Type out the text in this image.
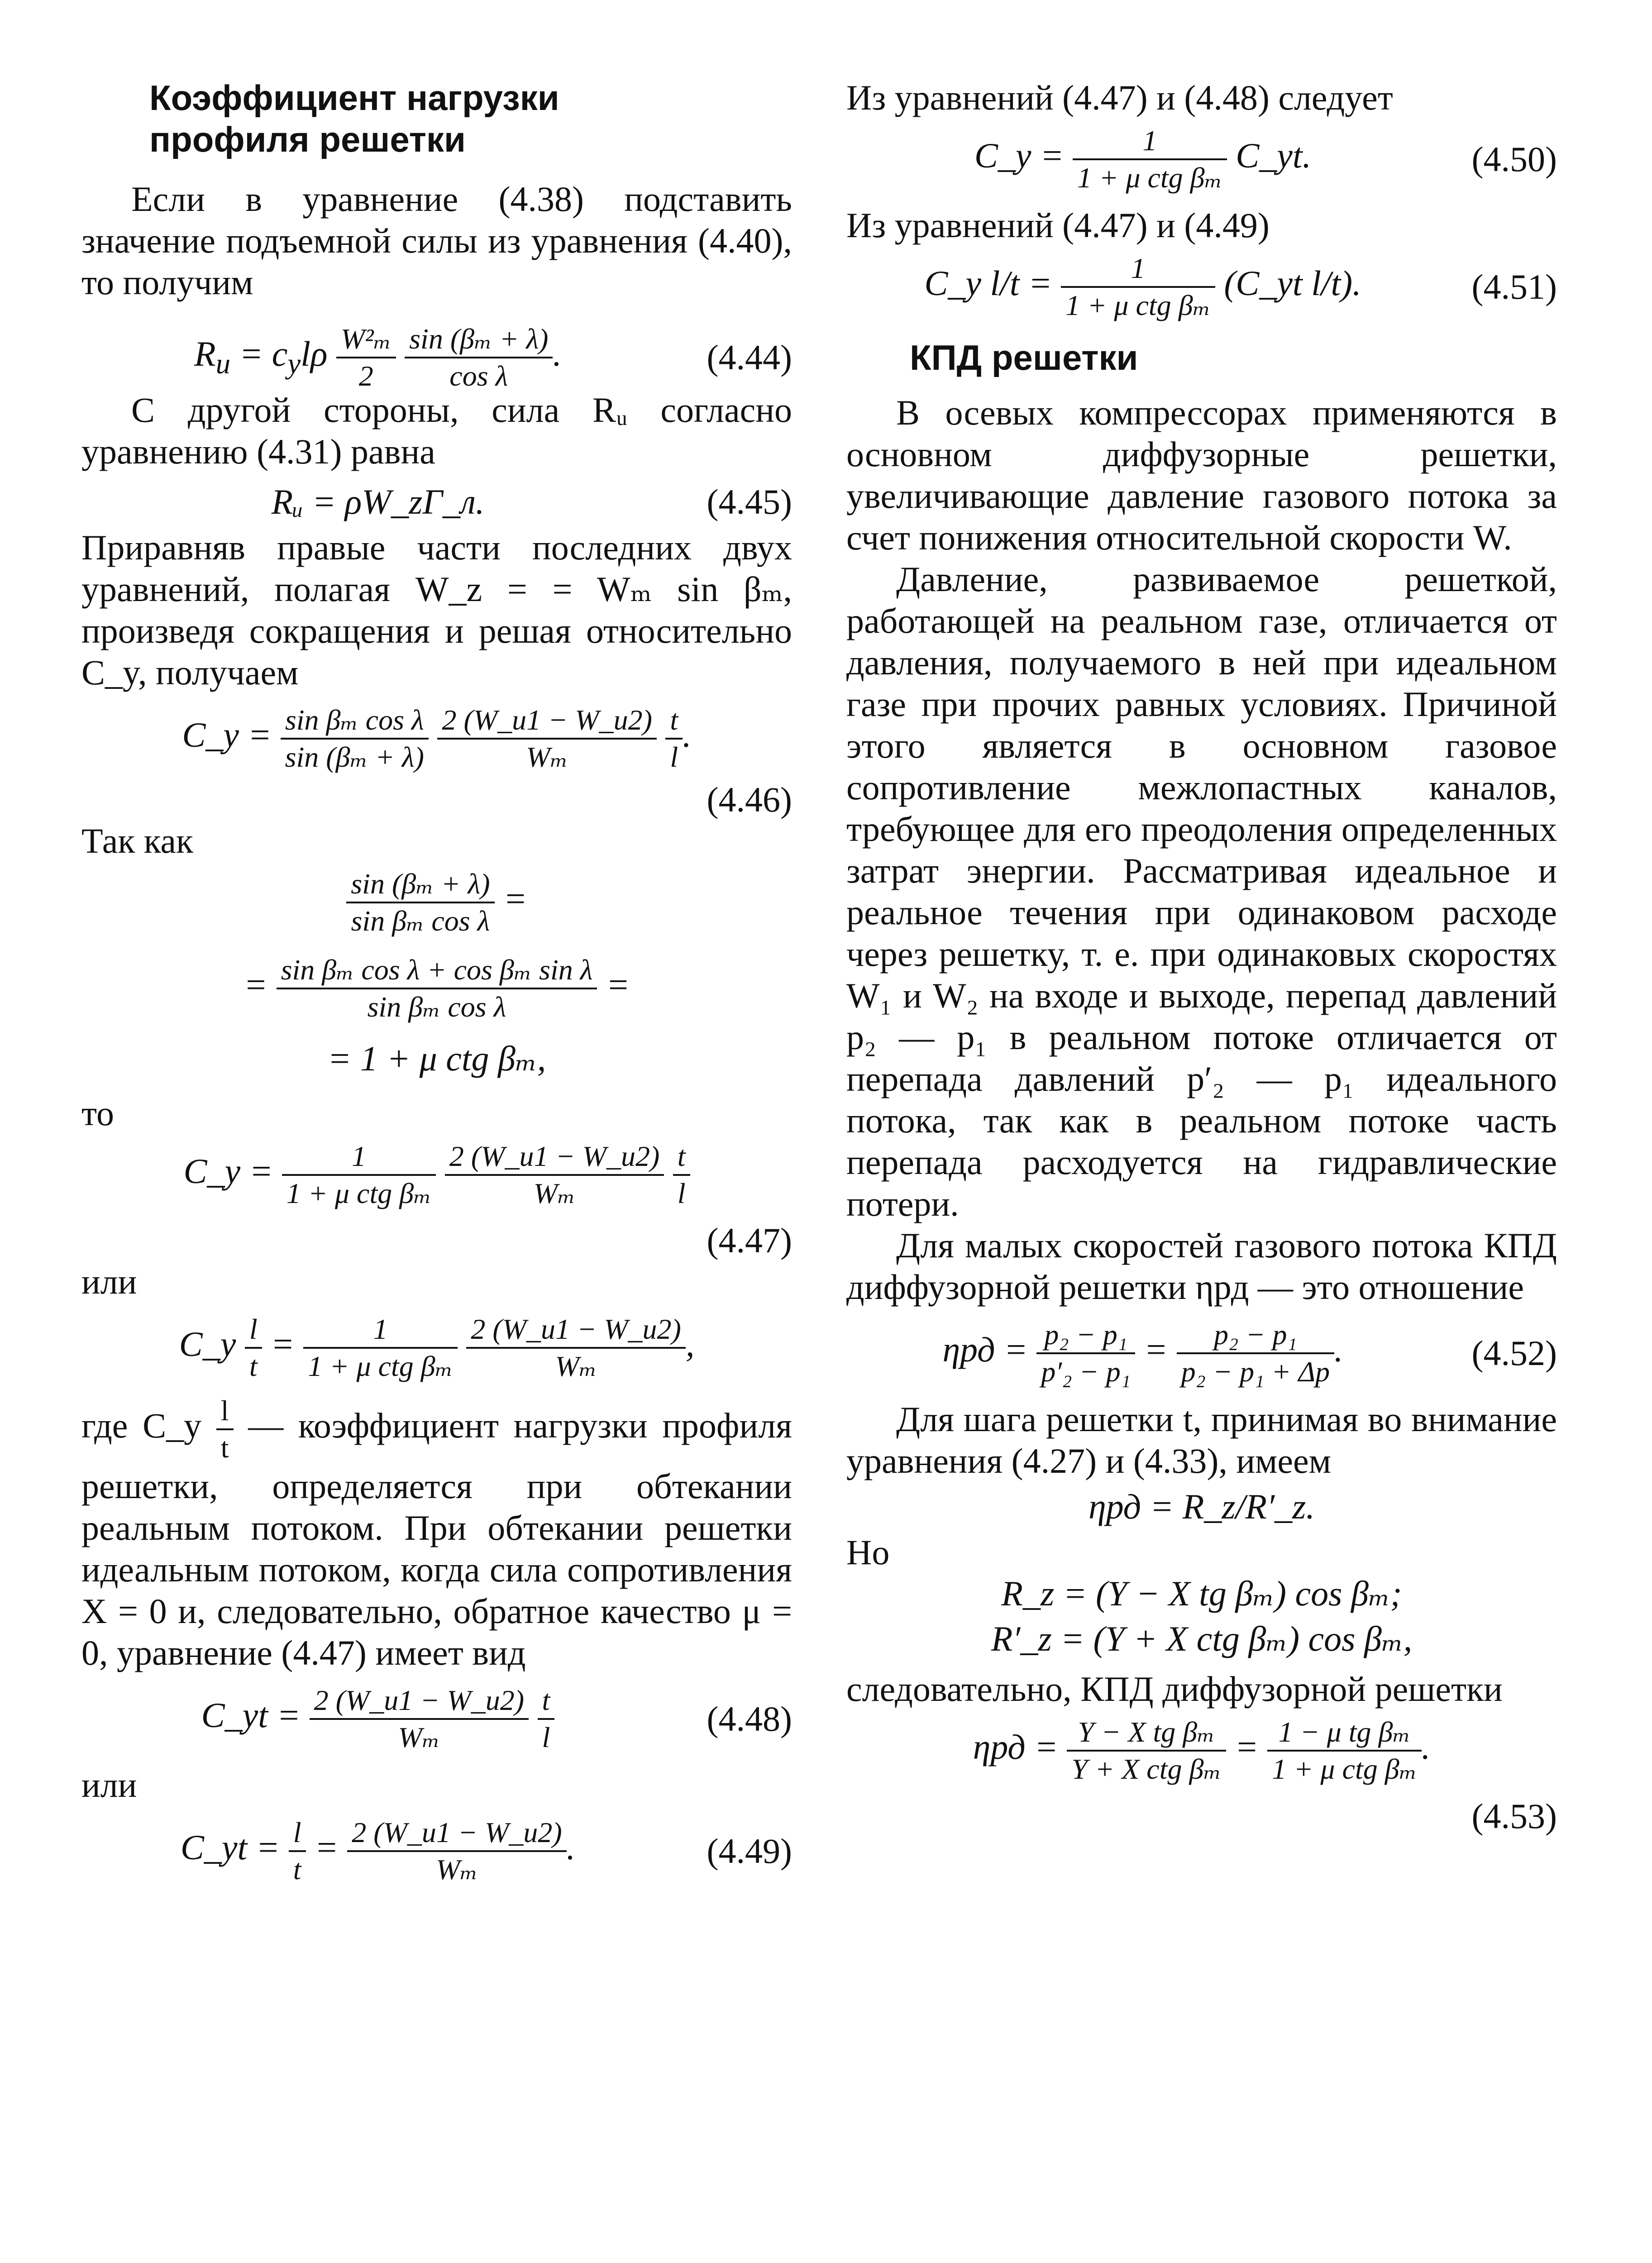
Коэффициент нагрузки
профиля решетки

Если в уравнение (4.38) подставить значение подъемной силы из уравнения (4.40), то получим

$R_u = c_yl\rho \frac{\text{W²ₘ}}{2}$
$\frac{\text{sin (βₘ + λ)}}{\text{cos λ}}$ .	(4.44)

С другой стороны, сила Rᵤ согласно уравнению (4.31) равна

Rᵤ = ρW_zΓ_л.	(4.45)

Приравняв правые части последних двух уравнений, полагая W_z = = Wₘ sin βₘ, произведя сокращения и решая относительно C_y, получаем

C_y = $\frac{\text{sin βₘ cos λ}}{\text{sin (βₘ + λ)}}$
$\frac{2 (W\_u1 - W\_u2)}{\text{Wₘ}}$
$\frac{t}{l}$ .
(4.46)

Так как

$\frac{\text{sin (βₘ + λ)}}{\text{sin βₘ cos λ}}$ =
= $\frac{\text{sin βₘ cos λ + cos βₘ sin λ}}{\text{sin βₘ cos λ}}$ =
= 1 + μ ctg βₘ,

то

C_y = $\frac{1}{\text{1 + μ ctg βₘ}}$
$\frac{2 (W\_u1 - W\_u2)}{\text{Wₘ}}$
$\frac{t}{l}$
(4.47)

или

C_y $\frac{l}{t} = \frac{1}{\text{1 + μ ctg βₘ}}$
$\frac{2 (W\_u1 - W\_u2)}{\text{Wₘ}}$ ,

где C_y $\frac{l}{t}$ — коэффициент нагрузки профиля решетки, определяется при обтекании реальным потоком. При обтекании решетки идеальным потоком, когда сила сопротивления X = 0 и, следовательно, обратное качество μ = 0, уравнение (4.47) имеет вид

C_yt = $\frac{2 (W\_u1 - W\_u2)}{\text{Wₘ}}$
$\frac{t}{l}$	(4.48)

или

C_yt = $\frac{l}{t} = \frac{2 (W\_u1 - W\_u2)}{\text{Wₘ}}$ .	(4.49)

Из уравнений (4.47) и (4.48) следует

C_y = $\frac{1}{\text{1 + μ ctg βₘ}}$ C_yt.	(4.50)

Из уравнений (4.47) и (4.49)

C_y $l/t = \frac{1}{\text{1 + μ ctg βₘ}}$ (C_yt l/t).	(4.51)
КПД решетки

В осевых компрессорах применяются в основном диффузорные решетки, увеличивающие давление газового потока за счет понижения относительной скорости W.

Давление, развиваемое решеткой, работающей на реальном газе, отличается от давления, получаемого в ней при идеальном газе при прочих равных условиях. Причиной этого является в основном газовое сопротивление межлопастных каналов, требующее для его преодоления определенных затрат энергии. Рассматривая идеальное и реальное течения при одинаковом расходе через решетку, т. е. при одинаковых скоростях W₁ и W₂ на входе и выходе, перепад давлений p₂ — p₁ в реальном потоке отличается от перепада давлений p′₂ — p₁ идеального потока, так как в реальном потоке часть перепада расходуется на гидравлические потери.

Для малых скоростей газового потока КПД диффузорной решетки ηрд — это отношение

$\eta рд = \frac{\text{p₂ − p₁}}{\text{p′₂ − p₁}} = \frac{\text{p₂ − p₁}}{\text{p₂ − p₁ + Δp}}$ .	(4.52)

Для шага решетки t, принимая во внимание уравнения (4.27) и (4.33), имеем

ηрд = R_z/R′_z.

Но

R_z = (Y − X tg βₘ) cos βₘ;
R′_z = (Y + X ctg βₘ) cos βₘ,

следовательно, КПД диффузорной решетки

$\eta рд = \frac{\text{Y − X tg βₘ}}{\text{Y + X ctg βₘ}} = \frac{\text{1 − μ tg βₘ}}{\text{1 + μ ctg βₘ}}$ .
(4.53)
